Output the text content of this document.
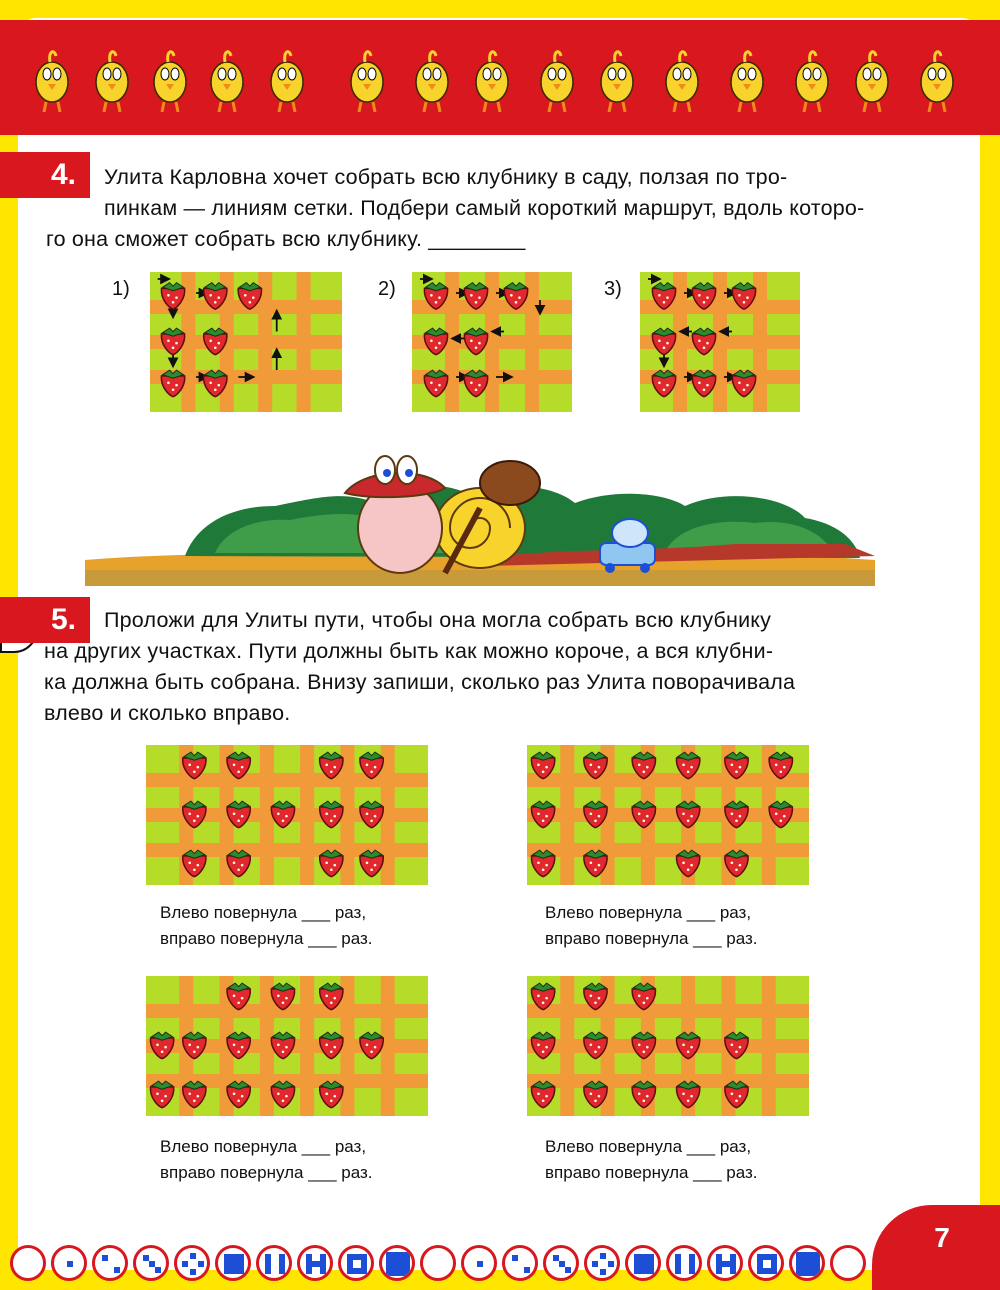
4.	Улита Карловна хочет собрать всю клубнику в саду, ползая по тро-
пинкам — линиям сетки. Подбери самый короткий маршрут, вдоль которо-
го она сможет собрать всю клубнику. ________
1)	2)	3)
5.	Проложи для Улиты пути, чтобы она могла собрать всю клубнику
на других участках. Пути должны быть как можно короче, а вся клубни-
ка должна быть собрана. Внизу запиши, сколько раз Улита поворачивала
влево и сколько вправо.
Влево повернула ___ раз,
вправо повернула ___ раз.
Влево повернула ___ раз,
вправо повернула ___ раз.
Влево повернула ___ раз,
вправо повернула ___ раз.
Влево повернула ___ раз,
вправо повернула ___ раз.
7
